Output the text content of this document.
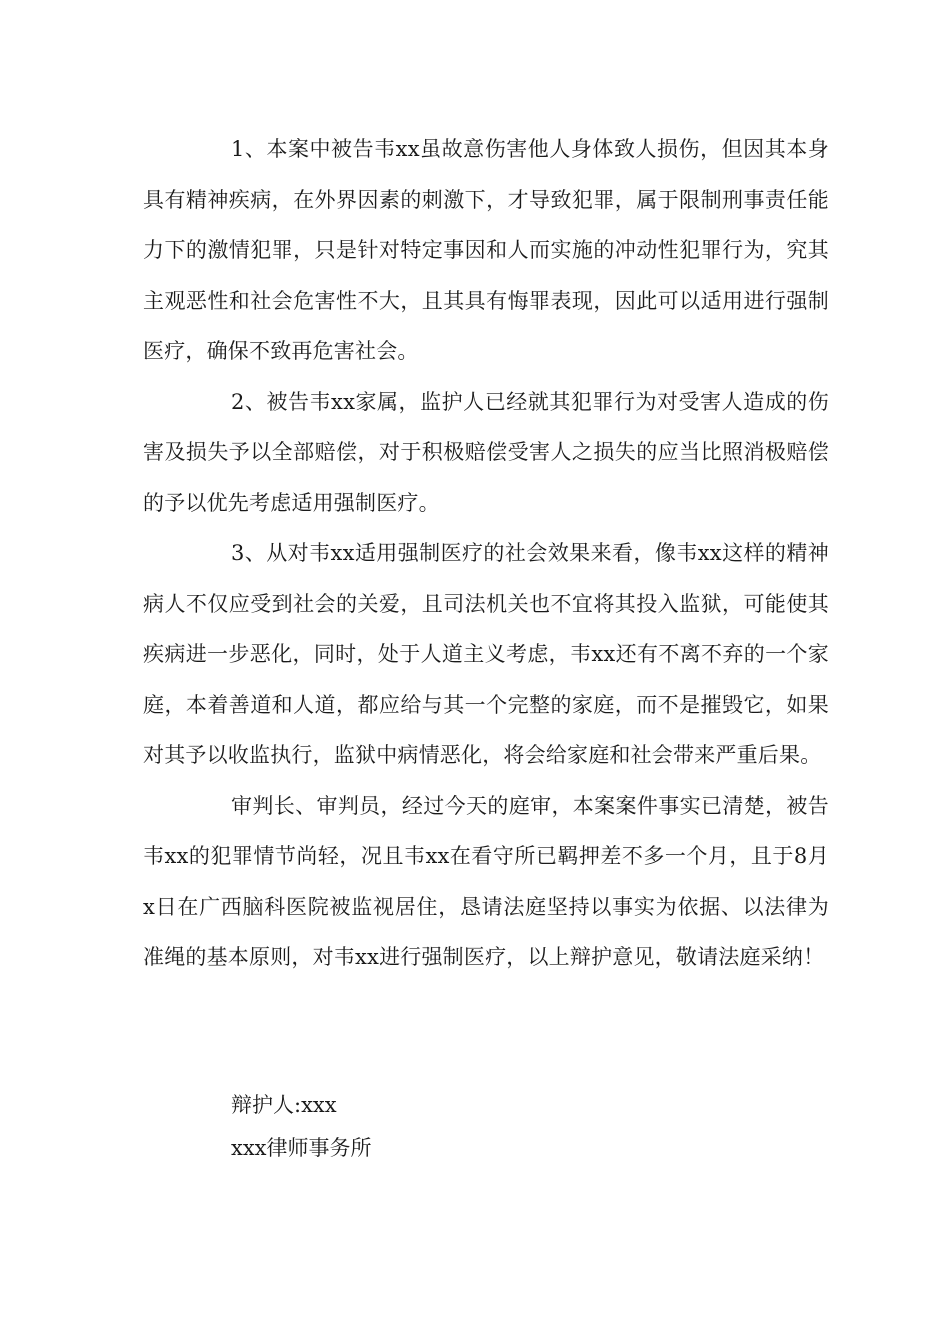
1、本案中被告韦xx虽故意伤害他人身体致人损伤，但因其本身具有精神疾病，在外界因素的刺激下，才导致犯罪，属于限制刑事责任能力下的激情犯罪，只是针对特定事因和人而实施的冲动性犯罪行为，究其主观恶性和社会危害性不大，且其具有悔罪表现，因此可以适用进行强制医疗，确保不致再危害社会。

2、被告韦xx家属，监护人已经就其犯罪行为对受害人造成的伤害及损失予以全部赔偿，对于积极赔偿受害人之损失的应当比照消极赔偿的予以优先考虑适用强制医疗。

3、从对韦xx适用强制医疗的社会效果来看，像韦xx这样的精神病人不仅应受到社会的关爱，且司法机关也不宜将其投入监狱，可能使其疾病进一步恶化，同时，处于人道主义考虑，韦xx还有不离不弃的一个家庭，本着善道和人道，都应给与其一个完整的家庭，而不是摧毁它，如果对其予以收监执行，监狱中病情恶化，将会给家庭和社会带来严重后果。

审判长、审判员，经过今天的庭审，本案案件事实已清楚，被告韦xx的犯罪情节尚轻，况且韦xx在看守所已羁押差不多一个月，且于8月x日在广西脑科医院被监视居住，恳请法庭坚持以事实为依据、以法律为准绳的基本原则，对韦xx进行强制医疗，以上辩护意见，敬请法庭采纳！

辩护人:xxx

xxx律师事务所
